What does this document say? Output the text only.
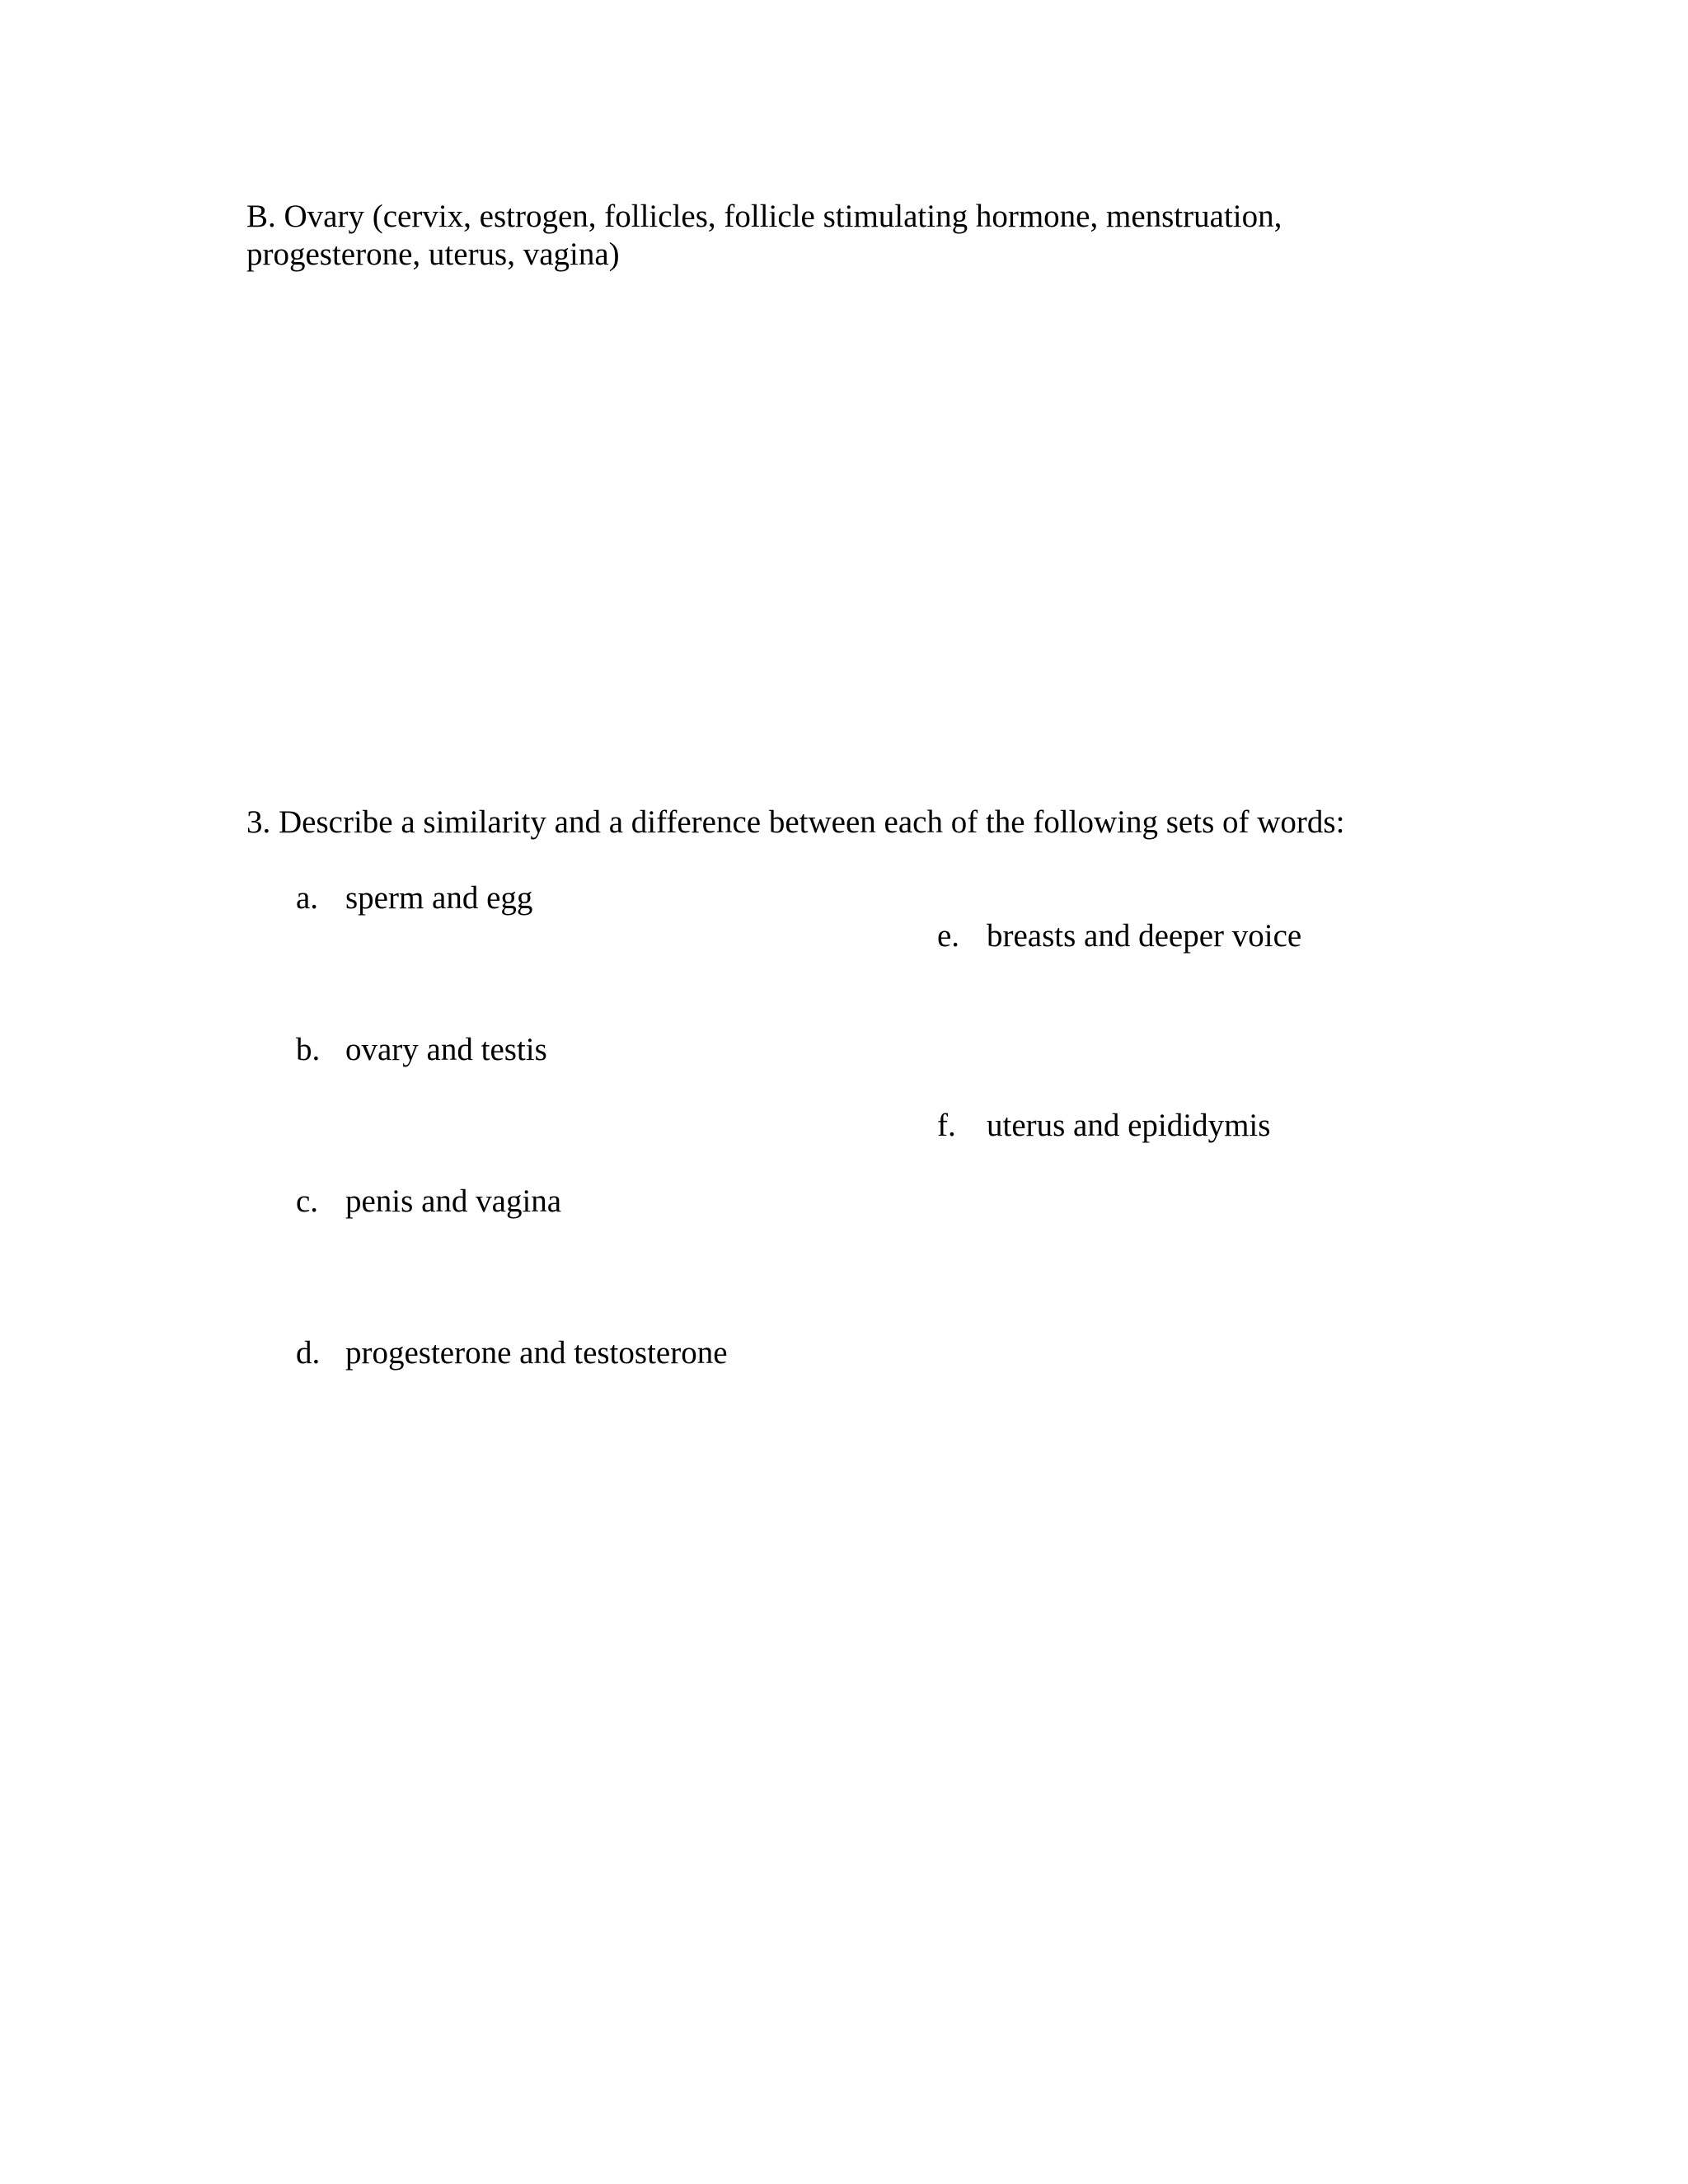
B. Ovary (cervix, estrogen, follicles, follicle stimulating hormone, menstruation, progesterone, uterus, vagina)
3. Describe a similarity and a difference between each of the following sets of words:
a. sperm and egg
b. ovary and testis
c. penis and vagina
d. progesterone and testosterone
e. breasts and deeper voice
f. uterus and epididymis
